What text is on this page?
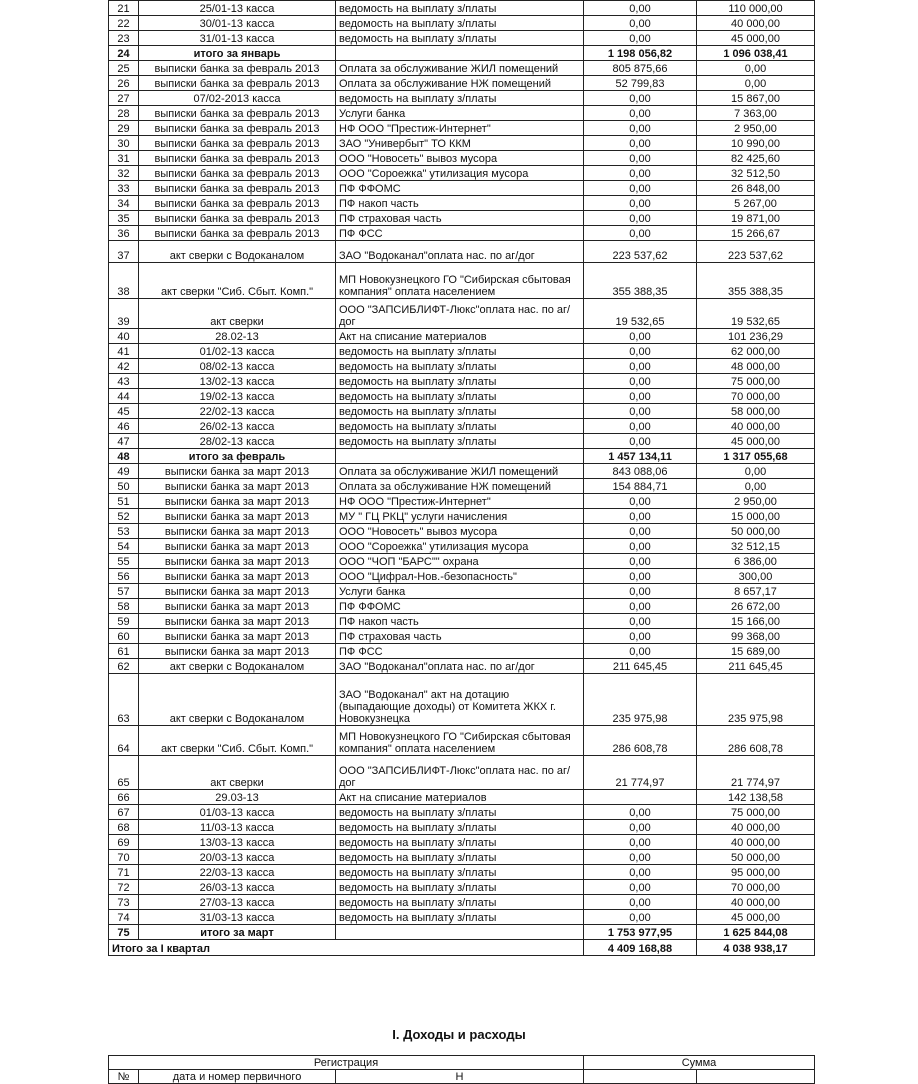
21	25/01-13 касса	ведомость на выплату з/платы	0,00	110 000,00
22	30/01-13 касса	ведомость на выплату з/платы	0,00	40 000,00
23	31/01-13 касса	ведомость на выплату з/платы	0,00	45 000,00
24	итого за январь		1 198 056,82	1 096 038,41
25	выписки банка за февраль 2013	Оплата за обслуживание ЖИЛ помещений	805 875,66	0,00
26	выписки банка за февраль 2013	Оплата за обслуживание НЖ помещений	52 799,83	0,00
27	07/02-2013 касса	ведомость на выплату з/платы	0,00	15 867,00
28	выписки банка за февраль 2013	Услуги банка	0,00	7 363,00
29	выписки банка за февраль 2013	НФ ООО "Престиж-Интернет"	0,00	2 950,00
30	выписки банка за февраль 2013	ЗАО "Универбыт" ТО ККМ	0,00	10 990,00
31	выписки банка за февраль 2013	ООО "Новосеть" вывоз мусора	0,00	82 425,60
32	выписки банка за февраль 2013	ООО "Сороежка" утилизация мусора	0,00	32 512,50
33	выписки банка за февраль 2013	ПФ ФФОМС	0,00	26 848,00
34	выписки банка за февраль 2013	ПФ накоп часть	0,00	5 267,00
35	выписки банка за февраль 2013	ПФ страховая часть	0,00	19 871,00
36	выписки банка за февраль 2013	ПФ ФСС	0,00	15 266,67
37	акт сверки с Водоканалом	ЗАО "Водоканал"оплата нас. по аг/дог	223 537,62	223 537,62
38	акт сверки "Сиб. Сбыт. Комп."	МП Новокузнецкого ГО "Сибирская сбытовая компания" оплата населением	355 388,35	355 388,35
39	акт сверки	ООО "ЗАПСИБЛИФТ-Люкс"оплата нас. по аг/дог	19 532,65	19 532,65
40	28.02-13	Акт на списание материалов	0,00	101 236,29
41	01/02-13 касса	ведомость на выплату з/платы	0,00	62 000,00
42	08/02-13 касса	ведомость на выплату з/платы	0,00	48 000,00
43	13/02-13 касса	ведомость на выплату з/платы	0,00	75 000,00
44	19/02-13 касса	ведомость на выплату з/платы	0,00	70 000,00
45	22/02-13 касса	ведомость на выплату з/платы	0,00	58 000,00
46	26/02-13 касса	ведомость на выплату з/платы	0,00	40 000,00
47	28/02-13 касса	ведомость на выплату з/платы	0,00	45 000,00
48	итого за февраль		1 457 134,11	1 317 055,68
49	выписки банка за март 2013	Оплата за обслуживание ЖИЛ помещений	843 088,06	0,00
50	выписки банка за март 2013	Оплата за обслуживание НЖ помещений	154 884,71	0,00
51	выписки банка за март 2013	НФ ООО "Престиж-Интернет"	0,00	2 950,00
52	выписки банка за март 2013	МУ " ГЦ РКЦ" услуги начисления	0,00	15 000,00
53	выписки банка за март 2013	ООО "Новосеть" вывоз мусора	0,00	50 000,00
54	выписки банка за март 2013	ООО "Сороежка" утилизация мусора	0,00	32 512,15
55	выписки банка за март 2013	ООО "ЧОП "БАРС"" охрана	0,00	6 386,00
56	выписки банка за март 2013	ООО "Цифрал-Нов.-безопасность"	0,00	300,00
57	выписки банка за март 2013	Услуги банка	0,00	8 657,17
58	выписки банка за март 2013	ПФ ФФОМС	0,00	26 672,00
59	выписки банка за март 2013	ПФ накоп часть	0,00	15 166,00
60	выписки банка за март 2013	ПФ страховая часть	0,00	99 368,00
61	выписки банка за март 2013	ПФ ФСС	0,00	15 689,00
62	акт сверки с Водоканалом	ЗАО "Водоканал"оплата нас. по аг/дог	211 645,45	211 645,45
63	акт сверки с Водоканалом	ЗАО "Водоканал" акт на дотацию (выпадающие доходы) от Комитета ЖКХ г. Новокузнецка	235 975,98	235 975,98
64	акт сверки "Сиб. Сбыт. Комп."	МП Новокузнецкого ГО "Сибирская сбытовая компания" оплата населением	286 608,78	286 608,78
65	акт сверки	ООО "ЗАПСИБЛИФТ-Люкс"оплата нас. по аг/дог	21 774,97	21 774,97
66	29.03-13	Акт на списание материалов		142 138,58
67	01/03-13 касса	ведомость на выплату з/платы	0,00	75 000,00
68	11/03-13 касса	ведомость на выплату з/платы	0,00	40 000,00
69	13/03-13 касса	ведомость на выплату з/платы	0,00	40 000,00
70	20/03-13 касса	ведомость на выплату з/платы	0,00	50 000,00
71	22/03-13 касса	ведомость на выплату з/платы	0,00	95 000,00
72	26/03-13 касса	ведомость на выплату з/платы	0,00	70 000,00
73	27/03-13 касса	ведомость на выплату з/платы	0,00	40 000,00
74	31/03-13 касса	ведомость на выплату з/платы	0,00	45 000,00
75	итого за март		1 753 977,95	1 625 844,08
Итого за I квартал			4 409 168,88	4 038 938,17
I. Доходы и расходы
Регистрация			Сумма	
№	дата и номер первичного	Н		
